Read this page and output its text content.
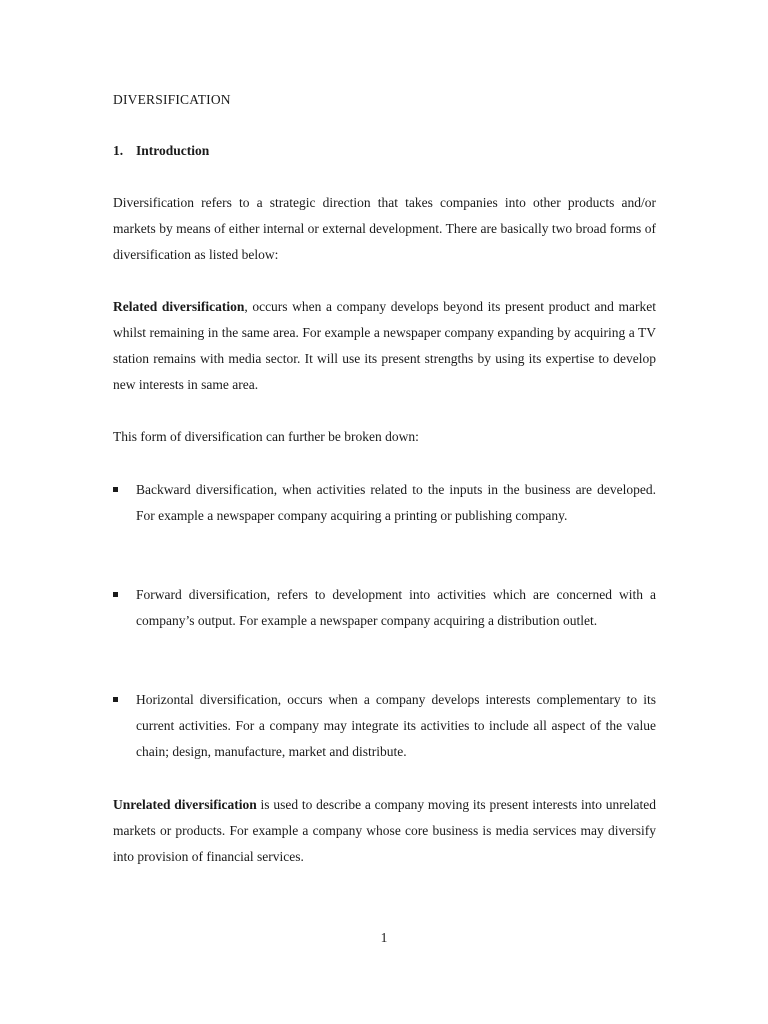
DIVERSIFICATION

1. Introduction

Diversification refers to a strategic direction that takes companies into other products and/or markets by means of either internal or external development. There are basically two broad forms of diversification as listed below:

Related diversification, occurs when a company develops beyond its present product and market whilst remaining in the same area. For example a newspaper company expanding by acquiring a TV station remains with media sector. It will use its present strengths by using its expertise to develop new interests in same area.

This form of diversification can further be broken down:

Backward diversification, when activities related to the inputs in the business are developed. For example a newspaper company acquiring a printing or publishing company.
Forward diversification, refers to development into activities which are concerned with a company’s output. For example a newspaper company acquiring a distribution outlet.
Horizontal diversification, occurs when a company develops interests complementary to its current activities. For a company may integrate its activities to include all aspect of the value chain; design, manufacture, market and distribute.

Unrelated diversification is used to describe a company moving its present interests into unrelated markets or products. For example a company whose core business is media services may diversify into provision of financial services.

1
